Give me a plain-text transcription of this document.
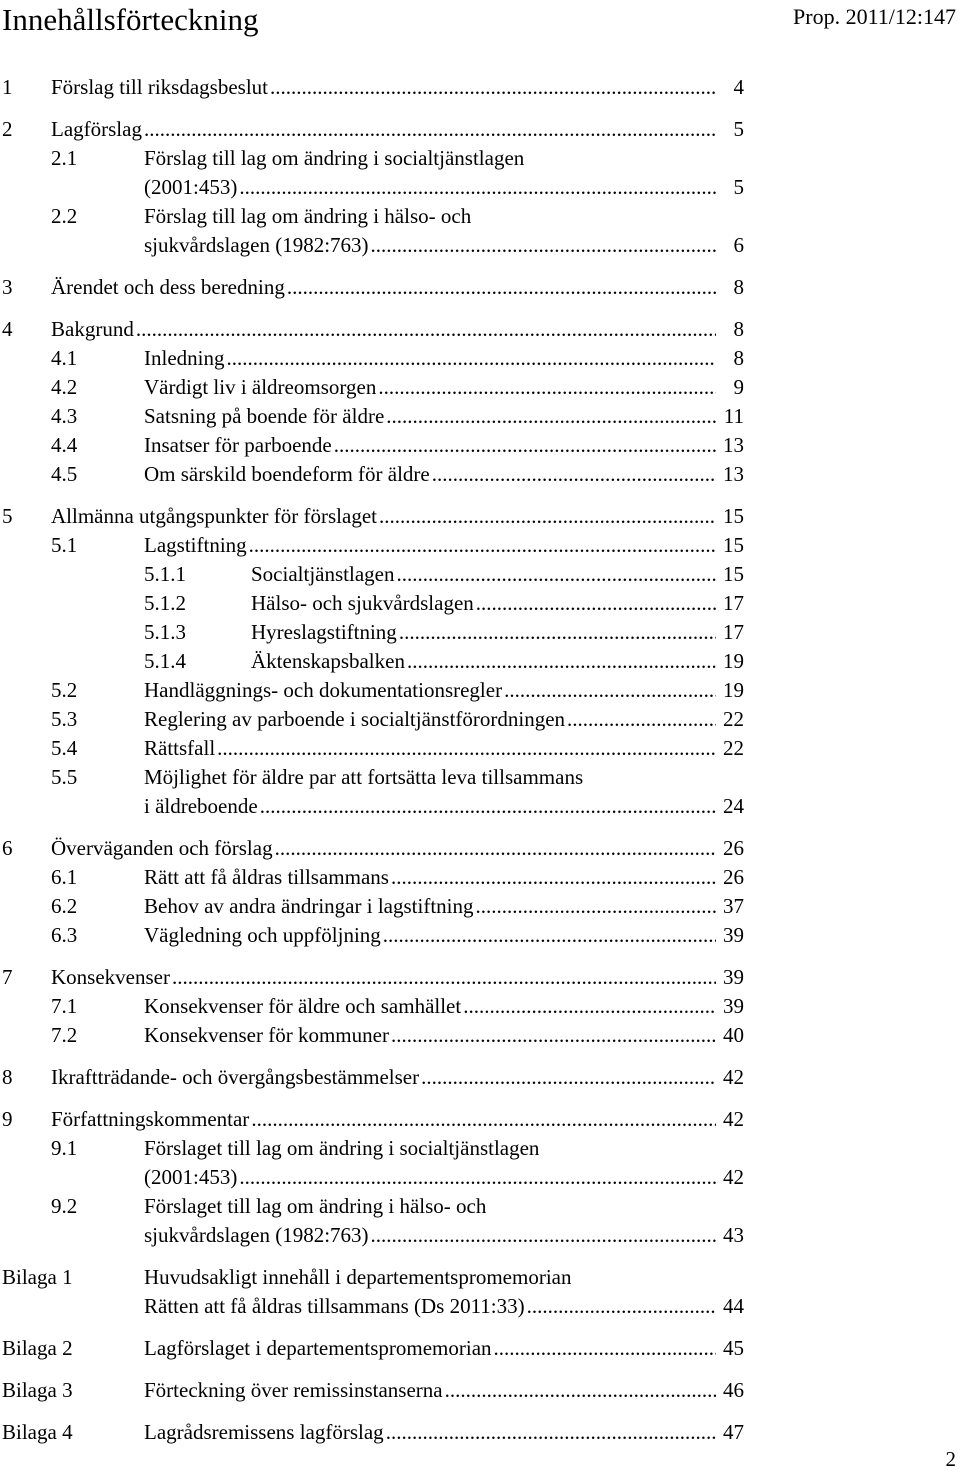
Innehållsförteckning	Prop. 2011/12:147
1 Förslag till riksdagsbeslut .....	4
2 Lagförslag .....	5
2.1	Förslag till lag om ändring i socialtjänstlagen
(2001:453) .....	5
2.2	Förslag till lag om ändring i hälso- och
sjukvårdslagen (1982:763) .....	6
3 Ärendet och dess beredning .....	8
4 Bakgrund .....	8
4.1	Inledning .....	8
4.2	Värdigt liv i äldreomsorgen .....	9
4.3	Satsning på boende för äldre .....	11
4.4	Insatser för parboende .....	13
4.5	Om särskild boendeform för äldre .....	13
5 Allmänna utgångspunkter för förslaget .....	15
5.1	Lagstiftning .....	15
5.1.1	Socialtjänstlagen .....	15
5.1.2	Hälso- och sjukvårdslagen .....	17
5.1.3	Hyreslagstiftning .....	17
5.1.4	Äktenskapsbalken .....	19
5.2	Handläggnings- och dokumentationsregler .....	19
5.3	Reglering av parboende i socialtjänstförordningen .....	22
5.4	Rättsfall .....	22
5.5	Möjlighet för äldre par att fortsätta leva tillsammans
i äldreboende .....	24
6 Överväganden och förslag .....	26
6.1	Rätt att få åldras tillsammans .....	26
6.2	Behov av andra ändringar i lagstiftning .....	37
6.3	Vägledning och uppföljning .....	39
7 Konsekvenser .....	39
7.1	Konsekvenser för äldre och samhället .....	39
7.2	Konsekvenser för kommuner .....	40
8 Ikraftträdande- och övergångsbestämmelser .....	42
9 Författningskommentar .....	42
9.1	Förslaget till lag om ändring i socialtjänstlagen
(2001:453) .....	42
9.2	Förslaget till lag om ändring i hälso- och
sjukvårdslagen (1982:763) .....	43
Bilaga 1	Huvudsakligt innehåll i departementspromemorian
Rätten att få åldras tillsammans (Ds 2011:33) .....	44
Bilaga 2	Lagförslaget i departementspromemorian .....	45
Bilaga 3	Förteckning över remissinstanserna .....	46
Bilaga 4	Lagrådsremissens lagförslag .....	47
2
